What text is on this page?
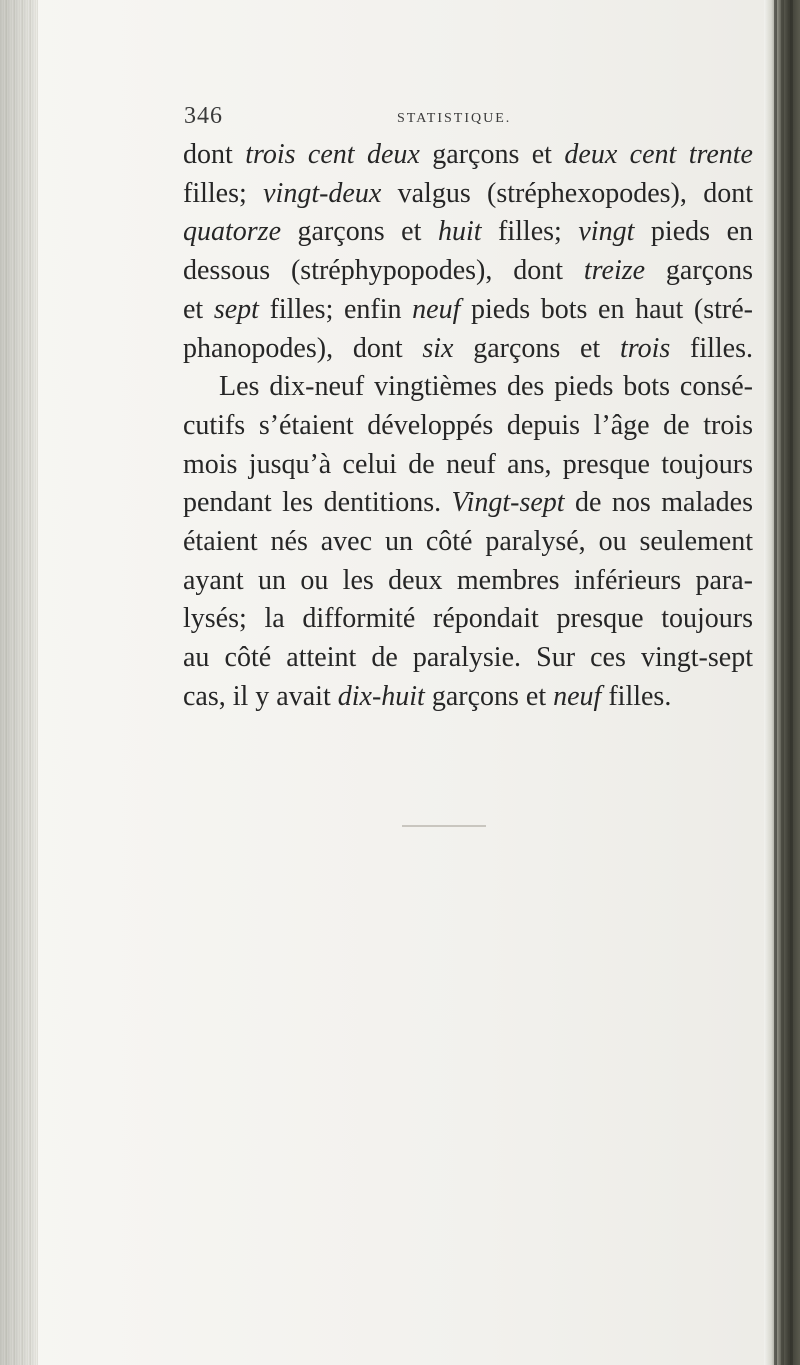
346	STATISTIQUE.
dont trois cent deux garçons et deux cent trente
filles; vingt-deux valgus (stréphexopodes), dont
quatorze garçons et huit filles; vingt pieds en
dessous (stréphypopodes), dont treize garçons
et sept filles; enfin neuf pieds bots en haut (stré-
phanopodes), dont six garçons et trois filles.
Les dix-neuf vingtièmes des pieds bots consé-
cutifs s’étaient développés depuis l’âge de trois
mois jusqu’à celui de neuf ans, presque toujours
pendant les dentitions. Vingt-sept de nos malades
étaient nés avec un côté paralysé, ou seulement
ayant un ou les deux membres inférieurs para-
lysés; la difformité répondait presque toujours
au côté atteint de paralysie. Sur ces vingt-sept
cas, il y avait dix-huit garçons et neuf filles.
